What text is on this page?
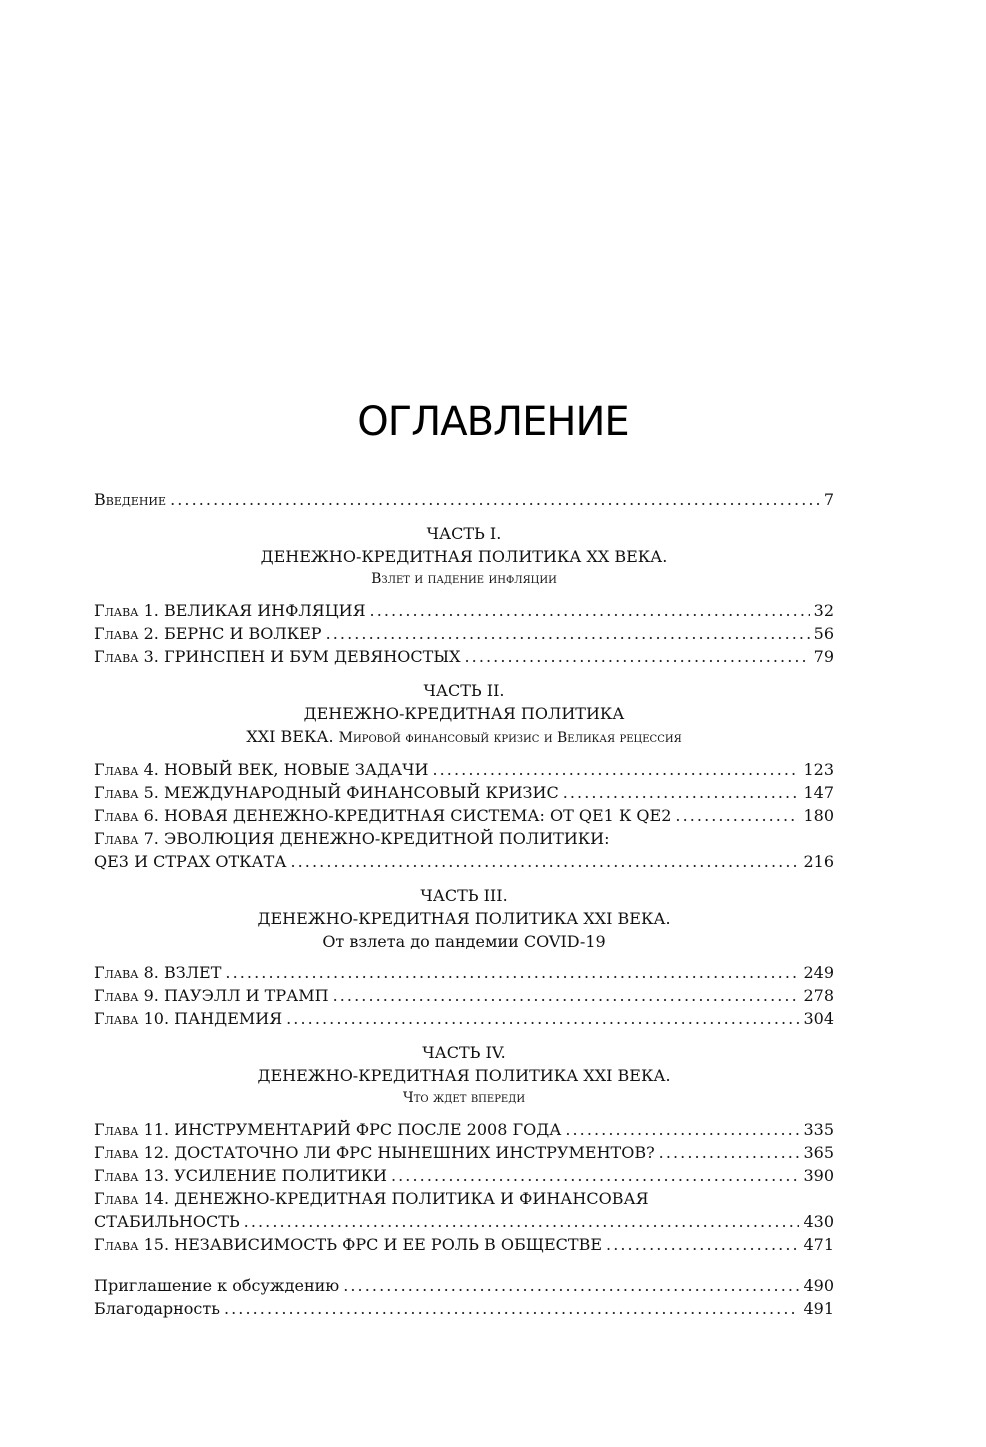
ОГЛАВЛЕНИЕ
Введение . . .	7
ЧАСТЬ I.
ДЕНЕЖНО-КРЕДИТНАЯ ПОЛИТИКА XX ВЕКА.
Взлет и падение инфляции
Глава 1. ВЕЛИКАЯ ИНФЛЯЦИЯ . . .	32
Глава 2. БЕРНС И ВОЛКЕР . . .	56
Глава 3. ГРИНСПЕН И БУМ ДЕВЯНОСТЫХ . . .	79
ЧАСТЬ II.
ДЕНЕЖНО-КРЕДИТНАЯ ПОЛИТИКА
XXI ВЕКА. Мировой финансовый кризис и Великая рецессия
Глава 4. НОВЫЙ ВЕК, НОВЫЕ ЗАДАЧИ . . .	123
Глава 5. МЕЖДУНАРОДНЫЙ ФИНАНСОВЫЙ КРИЗИС . . .	147
Глава 6. НОВАЯ ДЕНЕЖНО-КРЕДИТНАЯ СИСТЕМА: ОТ QE1 К QE2 . . .	180
Глава 7. ЭВОЛЮЦИЯ ДЕНЕЖНО-КРЕДИТНОЙ ПОЛИТИКИ:
QE3 И СТРАХ ОТКАТА . . .	216
ЧАСТЬ III.
ДЕНЕЖНО-КРЕДИТНАЯ ПОЛИТИКА XXI ВЕКА.
От взлета до пандемии COVID-19
Глава 8. ВЗЛЕТ . . .	249
Глава 9. ПАУЭЛЛ И ТРАМП . . .	278
Глава 10. ПАНДЕМИЯ . . .	304
ЧАСТЬ IV.
ДЕНЕЖНО-КРЕДИТНАЯ ПОЛИТИКА XXI ВЕКА.
Что ждет впереди
Глава 11. ИНСТРУМЕНТАРИЙ ФРС ПОСЛЕ 2008 ГОДА . . .	335
Глава 12. ДОСТАТОЧНО ЛИ ФРС НЫНЕШНИХ ИНСТРУМЕНТОВ? . . .	365
Глава 13. УСИЛЕНИЕ ПОЛИТИКИ . . .	390
Глава 14. ДЕНЕЖНО-КРЕДИТНАЯ ПОЛИТИКА И ФИНАНСОВАЯ
СТАБИЛЬНОСТЬ . . .	430
Глава 15. НЕЗАВИСИМОСТЬ ФРС И ЕЕ РОЛЬ В ОБЩЕСТВЕ . . .	471
Приглашение к обсуждению . . .	490
Благодарность . . .	491
